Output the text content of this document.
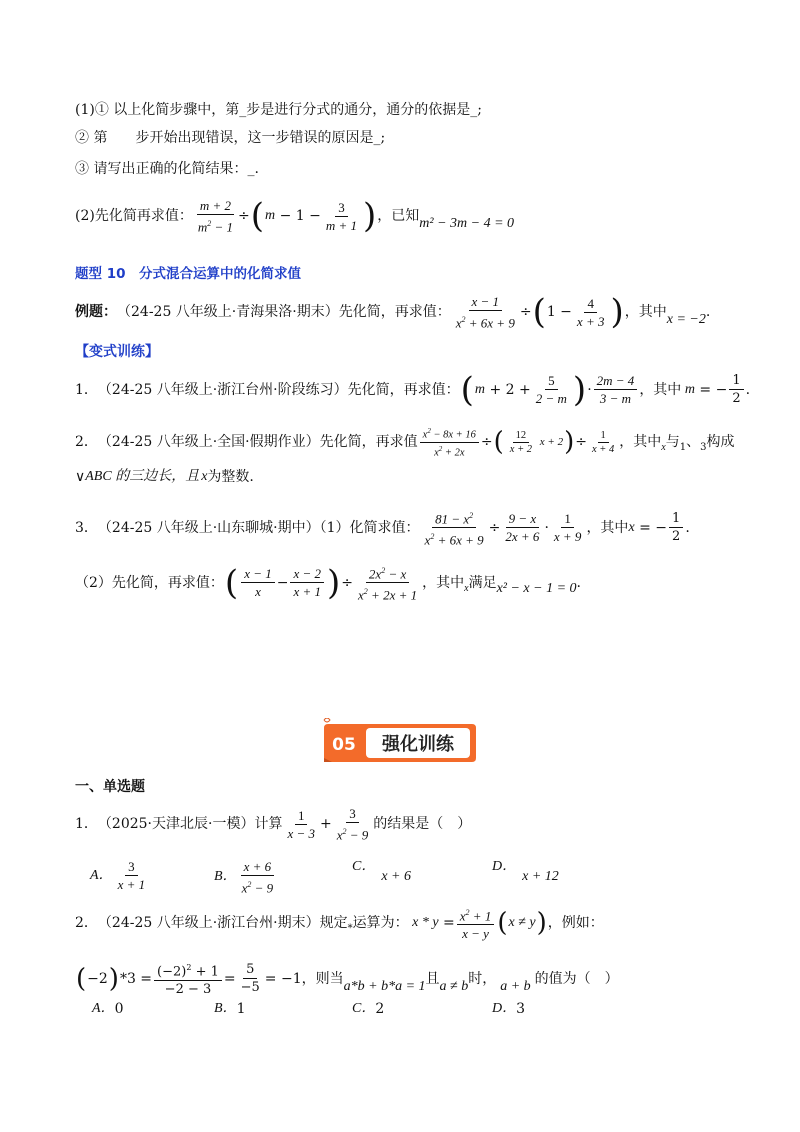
(1)① 以上化简步骤中，第_步是进行分式的通分，通分的依据是_;
② 第　　步开始出现错误，这一步错误的原因是_;
③ 请写出正确的化简结果：_.
(2)先化简再求值： $\frac{m + 2}{m^2 - 1}$ ÷ ( $m - 1 - \frac{3}{m + 1}$ ) ，已知 m² − 3m − 4 = 0
题型 10　分式混合运算中的化简求值
例题： （24-25 八年级上·青海果洛·期末）先化简，再求值： $\frac{x - 1}{x^2 + 6x + 9}$ ÷ ( $1 - \frac{4}{x + 3}$ ) ，其中 x = −2 .
【变式训练】
1． （24-25 八年级上·浙江台州·阶段练习）先化简，再求值： ( $m + 2 + \frac{5}{2 - m}$ ) · $\frac{2m - 4}{3 - m}$ ，其中 m = − $\frac{1}{2}$ .
2． （24-25 八年级上·全国·假期作业）先化简，再求值 $\frac{x^2 - 8x + 16}{x^2 + 2x}$ ÷ ( $\frac{12}{x + 2}$ x + 2 ) ÷ $\frac{1}{x + 4}$ ，其中 x 与 1 、 3 构成
∨ ABC 的三边长，且 x 为整数.
3． （24-25 八年级上·山东聊城·期中）（1）化简求值： $\frac{81 - x^2}{x^2 + 6x + 9} \div \frac{9 - x}{2x + 6} \cdot \frac{1}{x + 9}$ ，其中 x = − $\frac{1}{2}$ .
（2）先化简，再求值： ( $\frac{x - 1}{x} - \frac{x - 2}{x + 1}$ ) ÷ $\frac{2x^2 - x}{x^2 + 2x + 1}$ ，其中 x 满足 x² − x − 1 = 0 .
05 强化训练
一、单选题
1． （2025·天津北辰·一模）计算 $\frac{1}{x - 3} + \frac{3}{x^2 - 9}$ 的结果是（　）
A． $\frac{3}{x + 1}$	B． $\frac{x + 6}{x^2 - 9}$	C．
x + 6
D．
x + 12
2． （24-25 八年级上·浙江台州·期末）规定 * 运算为： $x * y = \frac{x^2 + 1}{x - y}$ ( x ≠ y ) ，例如：
( −2 ) $*3 = \frac{(-2)^2 + 1}{-2 - 3} = \frac{5}{-5} = -1$ ，则当 a*b + b*a = 1 且 a ≠ b 时， a + b 的值为（　）
A． 0	B． 1	C． 2	D． 3
